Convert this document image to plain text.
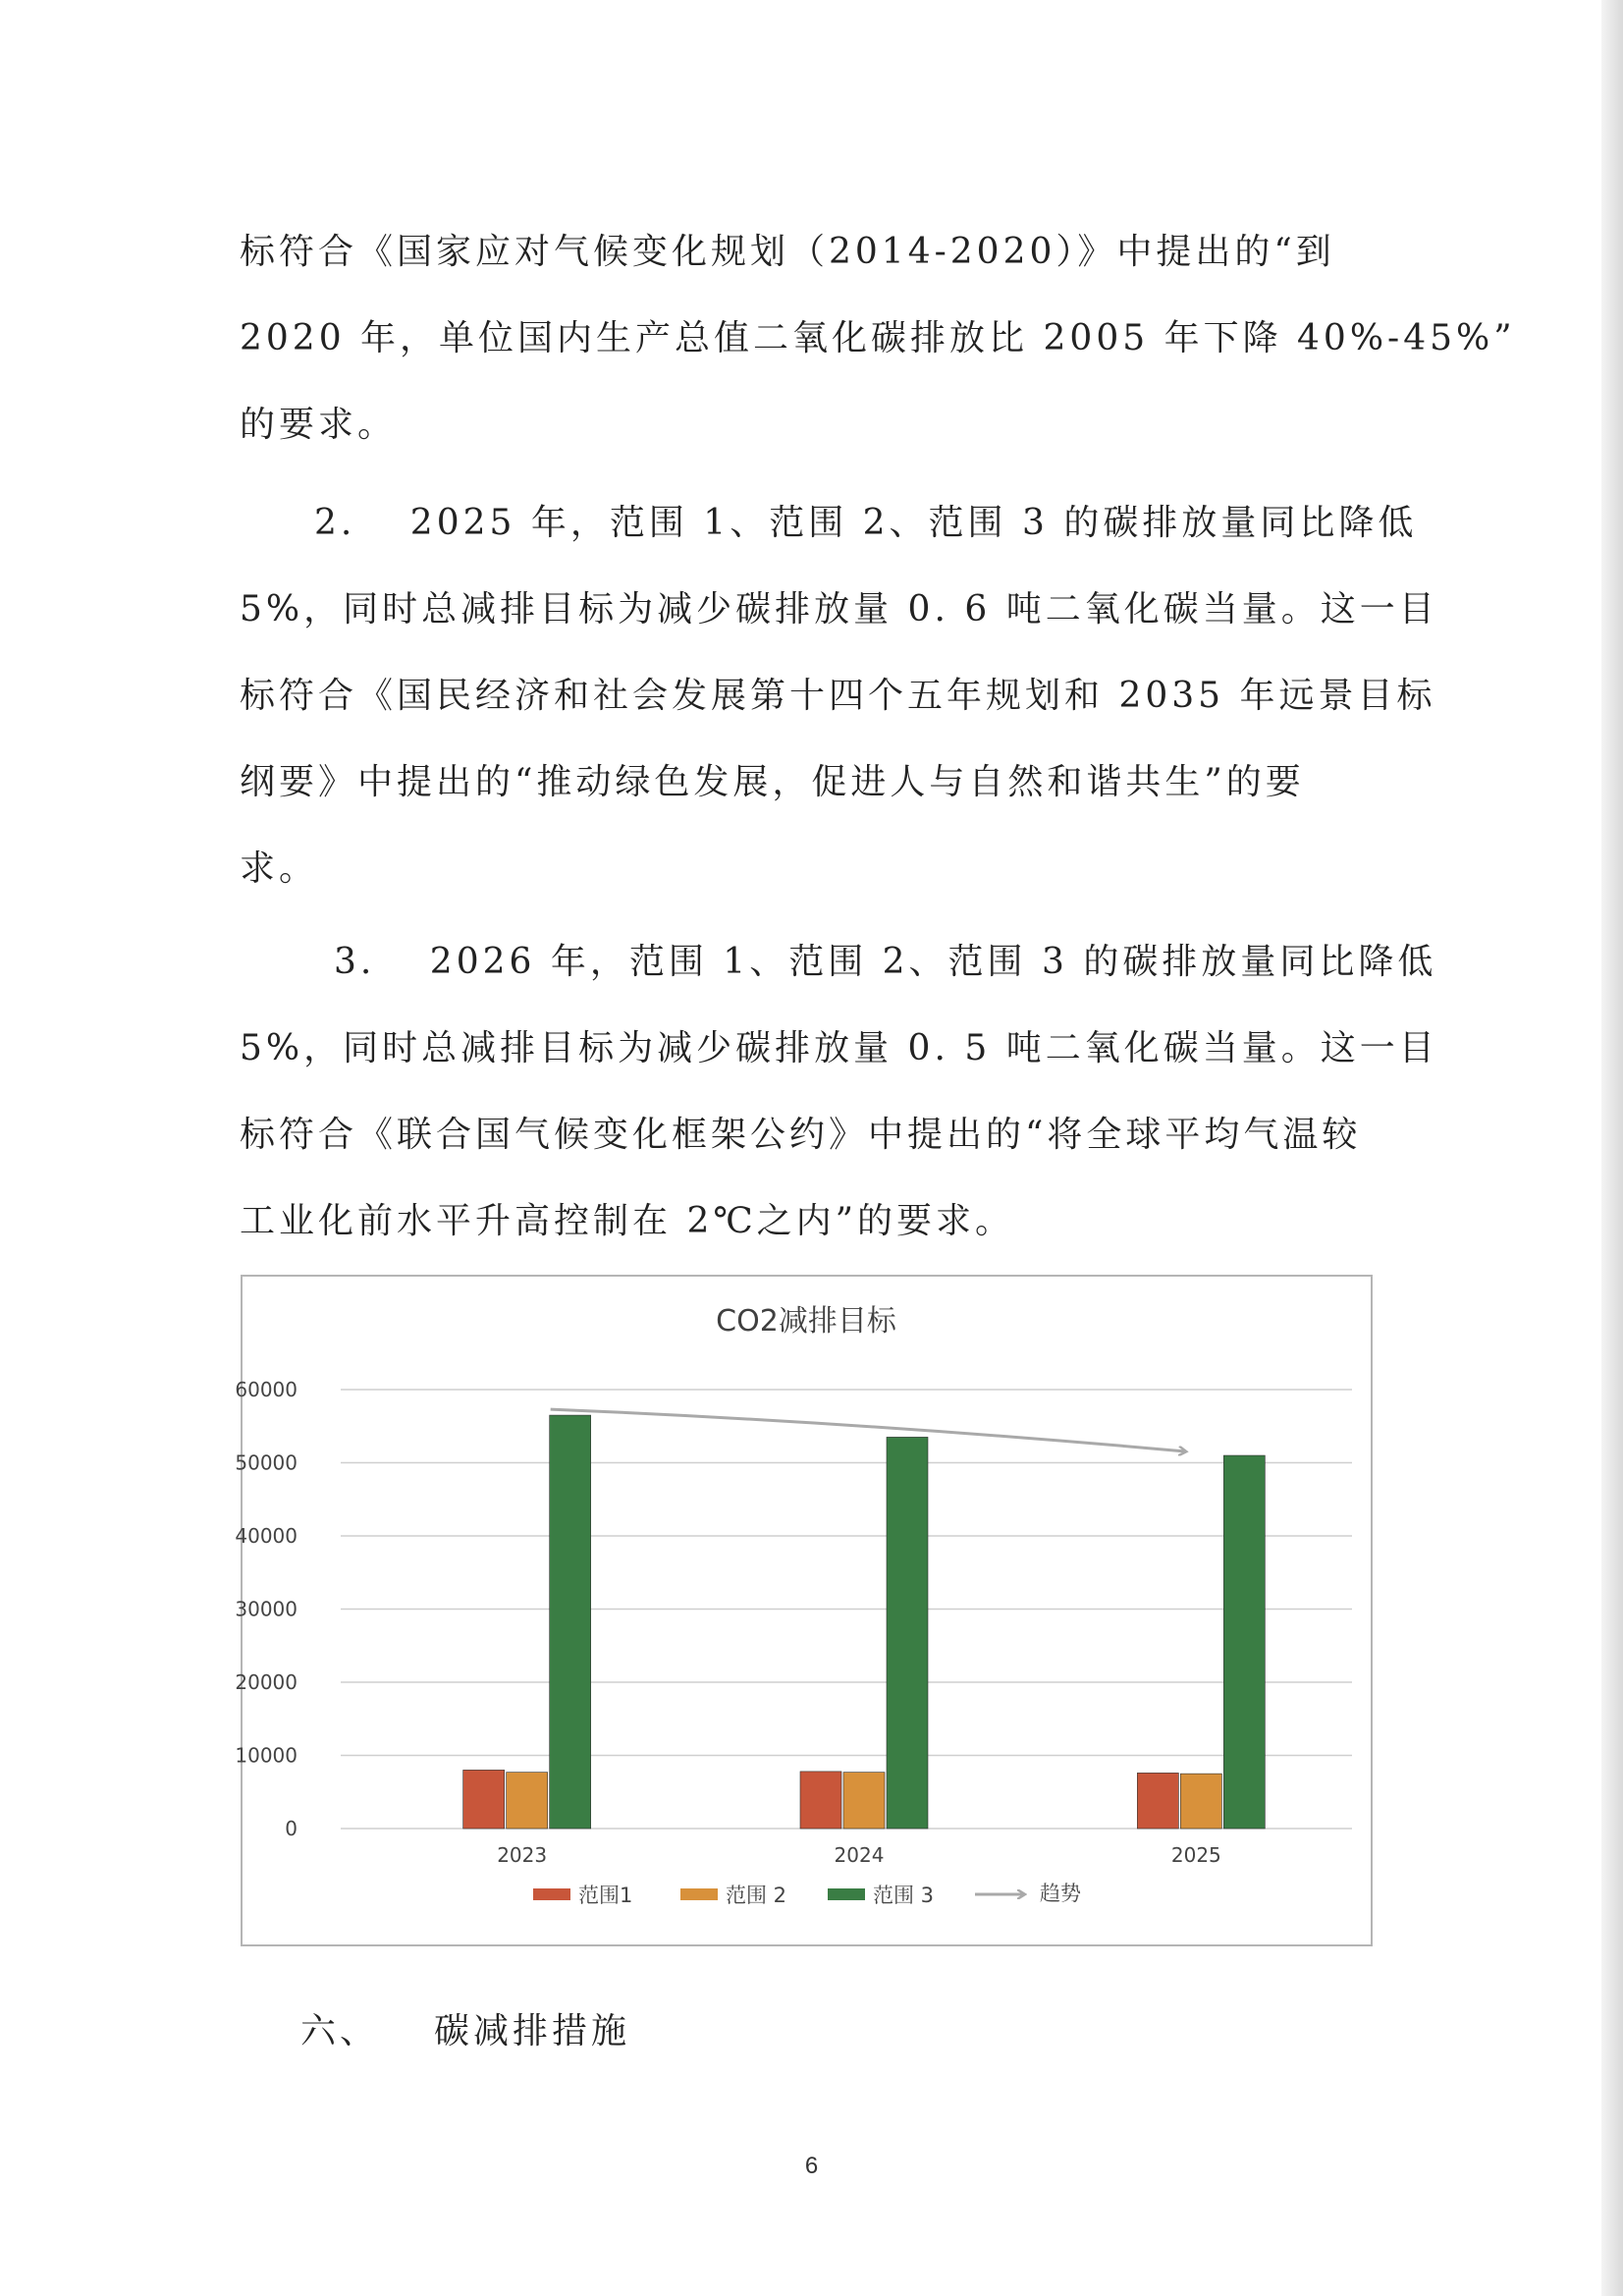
标符合《国家应对气候变化规划（2014-2020）》中提出的“到
2020 年，单位国内生产总值二氧化碳排放比 2005 年下降 40%-45%”
的要求。

2.　 2025 年，范围 1、范围 2、范围 3 的碳排放量同比降低
5%，同时总减排目标为减少碳排放量 0. 6 吨二氧化碳当量。这一目
标符合《国民经济和社会发展第十四个五年规划和 2035 年远景目标
纲要》中提出的“推动绿色发展，促进人与自然和谐共生”的要
求。

3.　 2026 年，范围 1、范围 2、范围 3 的碳排放量同比降低
5%，同时总减排目标为减少碳排放量 0. 5 吨二氧化碳当量。这一目
标符合《联合国气候变化框架公约》中提出的“将全球平均气温较
工业化前水平升高控制在 2℃之内”的要求。

CO2减排目标
0
10000
20000
30000
40000
50000
60000
2023	2024	2025
范围1	范围 2	范围 3	趋势
六、 碳减排措施
6
